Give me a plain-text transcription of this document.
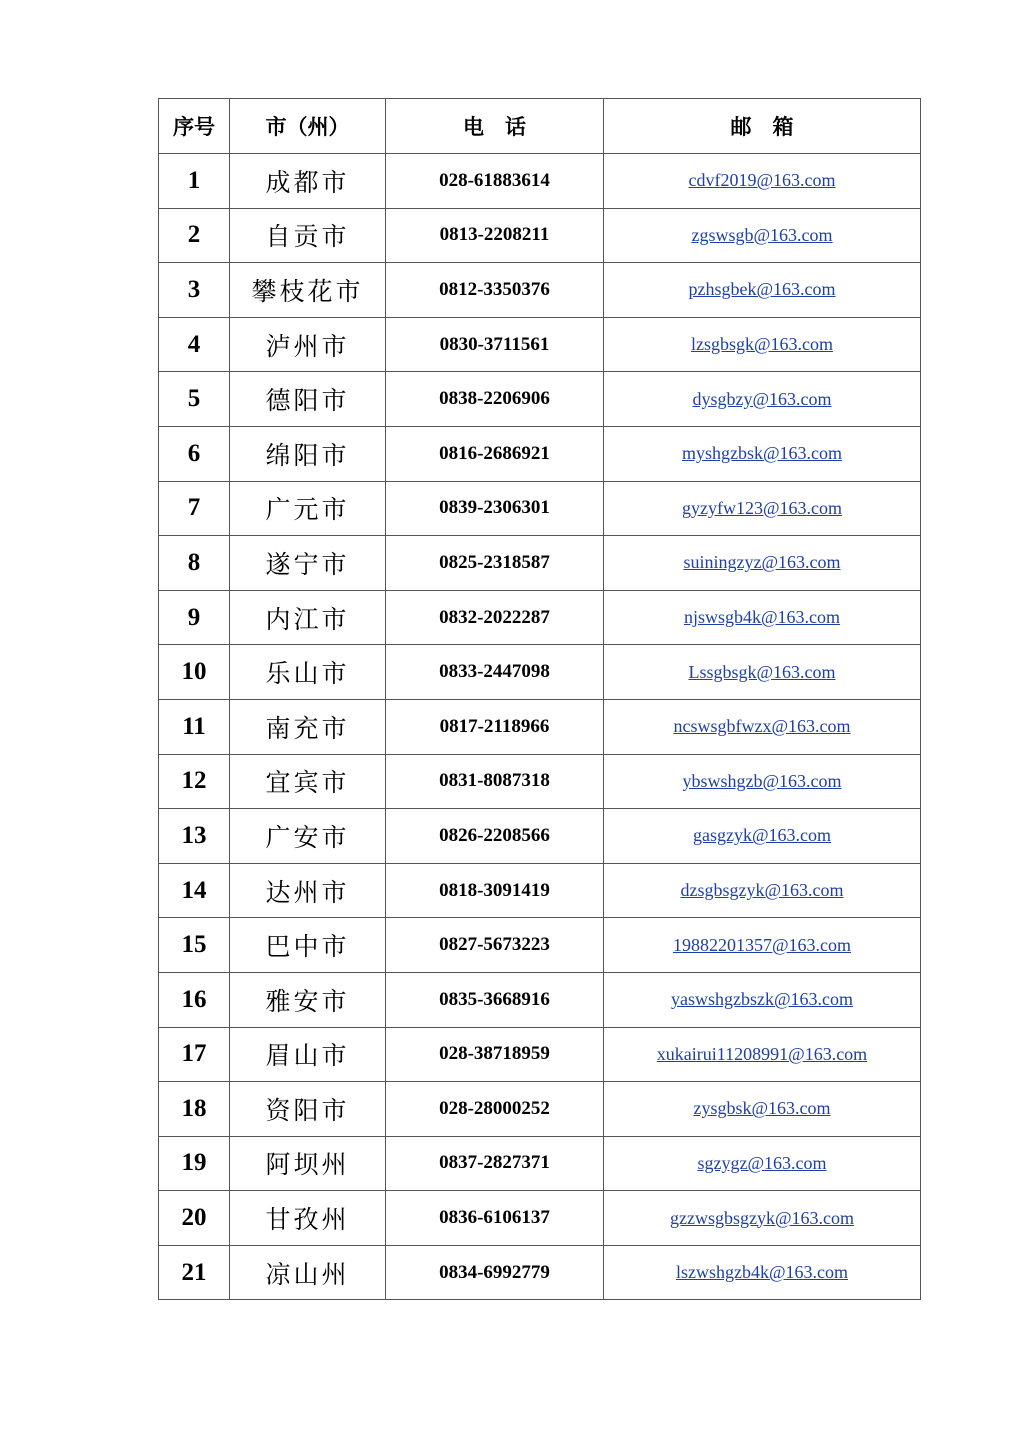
序号	市（州）	电　话	邮　箱
1	成都市	028-61883614	cdvf2019@163.com
2	自贡市	0813-2208211	zgswsgb@163.com
3	攀枝花市	0812-3350376	pzhsgbek@163.com
4	泸州市	0830-3711561	lzsgbsgk@163.com
5	德阳市	0838-2206906	dysgbzy@163.com
6	绵阳市	0816-2686921	myshgzbsk@163.com
7	广元市	0839-2306301	gyzyfw123@163.com
8	遂宁市	0825-2318587	suiningzyz@163.com
9	内江市	0832-2022287	njswsgb4k@163.com
10	乐山市	0833-2447098	Lssgbsgk@163.com
11	南充市	0817-2118966	ncswsgbfwzx@163.com
12	宜宾市	0831-8087318	ybswshgzb@163.com
13	广安市	0826-2208566	gasgzyk@163.com
14	达州市	0818-3091419	dzsgbsgzyk@163.com
15	巴中市	0827-5673223	19882201357@163.com
16	雅安市	0835-3668916	yaswshgzbszk@163.com
17	眉山市	028-38718959	xukairui11208991@163.com
18	资阳市	028-28000252	zysgbsk@163.com
19	阿坝州	0837-2827371	sgzygz@163.com
20	甘孜州	0836-6106137	gzzwsgbsgzyk@163.com
21	凉山州	0834-6992779	lszwshgzb4k@163.com
